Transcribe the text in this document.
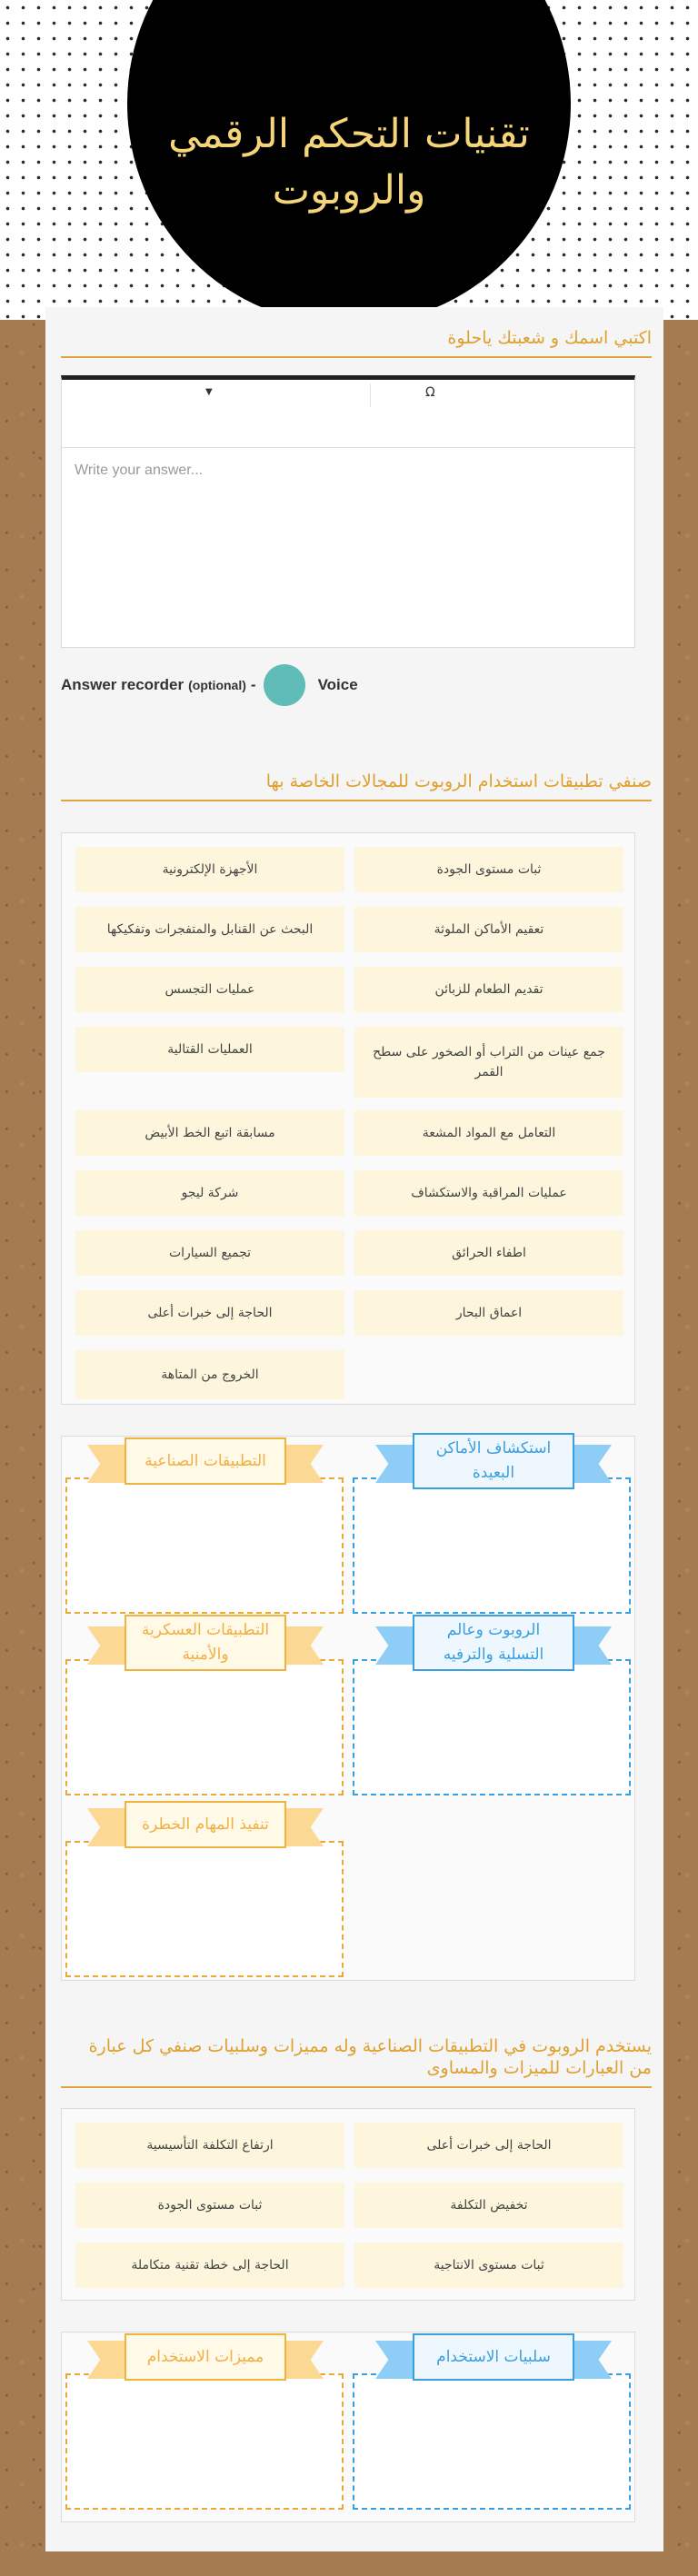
تقنيات التحكم الرقمي والروبوت
اكتبي اسمك و شعبتك ياحلوة
▼	Ω
Write your answer...
Answer recorder (optional) -	Voice
صنفي تطبيقات استخدام الروبوت للمجالات الخاصة بها
ثبات مستوى الجودة
الأجهزة الإلكترونية
تعقيم الأماكن الملوثة
البحث عن القنابل والمتفجرات وتفكيكها
تقديم الطعام للزبائن
عمليات التجسس
جمع عينات من التراب أو الصخور على سطح القمر
العمليات القتالية
التعامل مع المواد المشعة
مسابقة اتبع الخط الأبيض
عمليات المراقبة والاستكشاف
شركة ليجو
اطفاء الحرائق
تجميع السيارات
اعماق البحار
الحاجة إلى خبرات أعلى
الخروج من المتاهة
استكشاف الأماكن البعيدة
التطبيقات الصناعية
الروبوت وعالم التسلية والترفيه
التطبيقات العسكرية والأمنية
تنفيذ المهام الخطرة
يستخدم الروبوت في التطبيقات الصناعية وله مميزات وسلبيات صنفي كل عبارة من العبارات للميزات والمساوى
الحاجة إلى خبرات أعلى
ارتفاع التكلفة التأسيسية
تخفيض التكلفة
ثبات مستوى الجودة
ثبات مستوى الانتاجية
الحاجة إلى خطة تقنية متكاملة
سلبيات الاستخدام
مميزات الاستخدام
